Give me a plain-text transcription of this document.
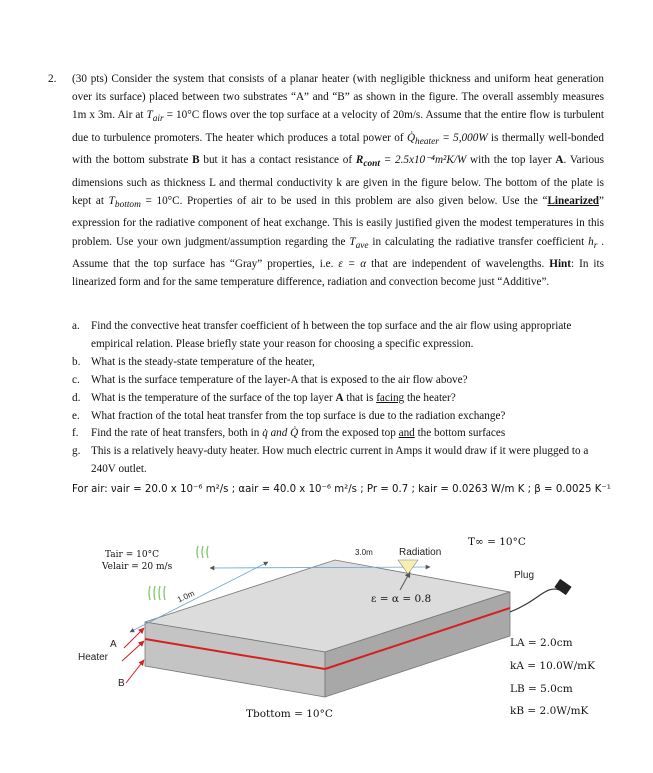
2. (30 pts) Consider the system that consists of a planar heater (with negligible thickness and uniform heat generation over its surface) placed between two substrates “A” and “B” as shown in the figure. The overall assembly measures 1m x 3m. Air at $T_{air} = 10^\circ C$ flows over the top surface at a velocity of 20m/s. Assume that the entire flow is turbulent due to turbulence promoters. The heater which produces a total power of $Q̇_{heater} = 5,000W$ is thermally well-bonded with the bottom substrate B but it has a contact resistance of $R_{cont} = 2.5x10^{-4}m^2K/W$ with the top layer A. Various dimensions such as thickness L and thermal conductivity k are given in the figure below. The bottom of the plate is kept at $T_{bottom} = 10^\circ C$. Properties of air to be used in this problem are also given below. Use the “Linearized” expression for the radiative component of heat exchange. This is easily justified given the modest temperatures in this problem. Use your own judgment/assumption regarding the $T_{ave}$ in calculating the radiative transfer coefficient $h_r$ . Assume that the top surface has “Gray” properties, i.e. ε = α that are independent of wavelengths. Hint: In its linearized form and for the same temperature difference, radiation and convection become just “Additive”.
a. Find the convective heat transfer coefficient of h between the top surface and the air flow using appropriate empirical relation. Please briefly state your reason for choosing a specific expression.
b. What is the steady-state temperature of the heater,
c. What is the surface temperature of the layer-A that is exposed to the air flow above?
d. What is the temperature of the surface of the top layer A that is facing the heater?
e. What fraction of the total heat transfer from the top surface is due to the radiation exchange?
f. Find the rate of heat transfers, both in q̇ and Q̇ from the exposed top and the bottom surfaces
g. This is a relatively heavy-duty heater. How much electric current in Amps it would draw if it were plugged to a 240V outlet.
For air: νair = 20.0 x 10⁻⁶ m²/s ; αair = 40.0 x 10⁻⁶ m²/s ; Pr = 0.7 ; kair = 0.0263 W/m K ; β = 0.0025 K⁻¹
T∞ = 10°C
Tair = 10°C
Velair = 20 m/s
3.0m	Radiation
Plug
1.0m	ε = α = 0.8
A
Heater
B
LA = 2.0cm
kA = 10.0W/mK
LB = 5.0cm
kB = 2.0W/mK
Tbottom = 10°C
